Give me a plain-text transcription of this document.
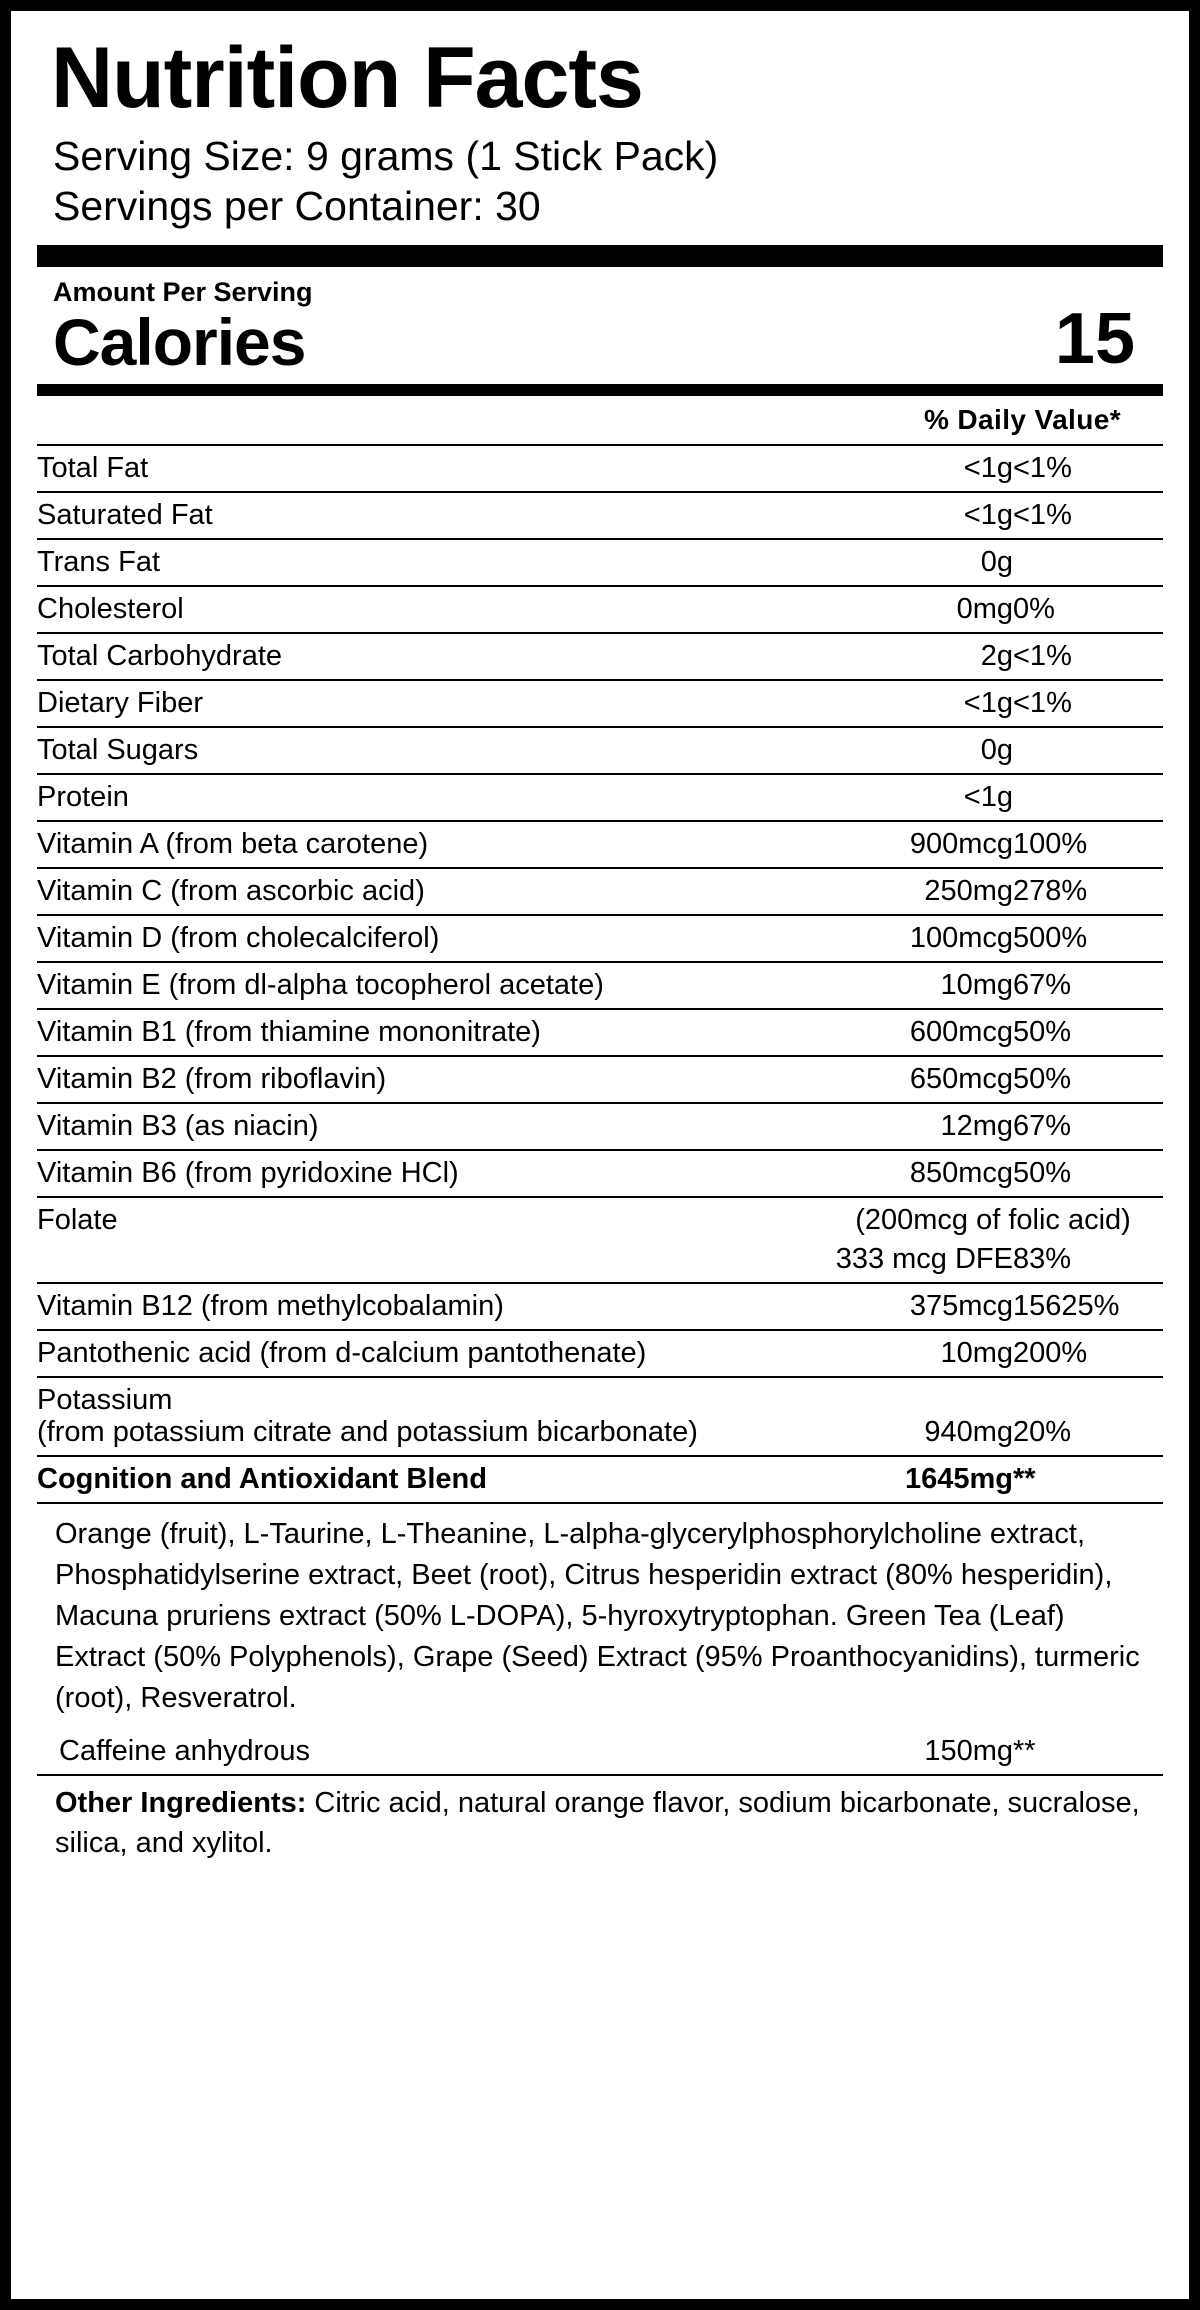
Nutrition Facts
Serving Size: 9 grams (1 Stick Pack)
Servings per Container: 30
Amount Per Serving
Calories	15
% Daily Value*
Total Fat	<1g	<1%
Saturated Fat	<1g	<1%
Trans Fat	0g	
Cholesterol	0mg	0%
Total Carbohydrate	2g	<1%
Dietary Fiber	<1g	<1%
Total Sugars	0g	
Protein	<1g	
Vitamin A (from beta carotene)	900mcg	100%
Vitamin C (from ascorbic acid)	250mg	278%
Vitamin D (from cholecalciferol)	100mcg	500%
Vitamin E (from dl-alpha tocopherol acetate)	10mg	67%
Vitamin B1 (from thiamine mononitrate)	600mcg	50%
Vitamin B2 (from riboflavin)	650mcg	50%
Vitamin B3 (as niacin)	12mg	67%
Vitamin B6 (from pyridoxine HCl)	850mcg	50%
Folate	(200mcg of folic acid)	
	333 mcg DFE	83%
Vitamin B12 (from methylcobalamin)	375mcg	15625%
Pantothenic acid (from d-calcium pantothenate)	10mg	200%

Potassium
(from potassium citrate and potassium bicarbonate)	940mg	20%
Cognition and Antioxidant Blend	1645mg	**
Orange (fruit), L-Taurine, L-Theanine, L-alpha-glycerylphosphorylcholine extract, Phosphatidylserine extract, Beet (root), Citrus hesperidin extract (80% hesperidin), Macuna pruriens extract (50% L-DOPA), 5-hyroxytryptophan. Green Tea (Leaf) Extract (50% Polyphenols), Grape (Seed) Extract (95% Proanthocyanidins), turmeric (root), Resveratrol.
Caffeine anhydrous	150mg	**
Other Ingredients: Citric acid, natural orange flavor, sodium bicarbonate, sucralose, silica, and xylitol.
